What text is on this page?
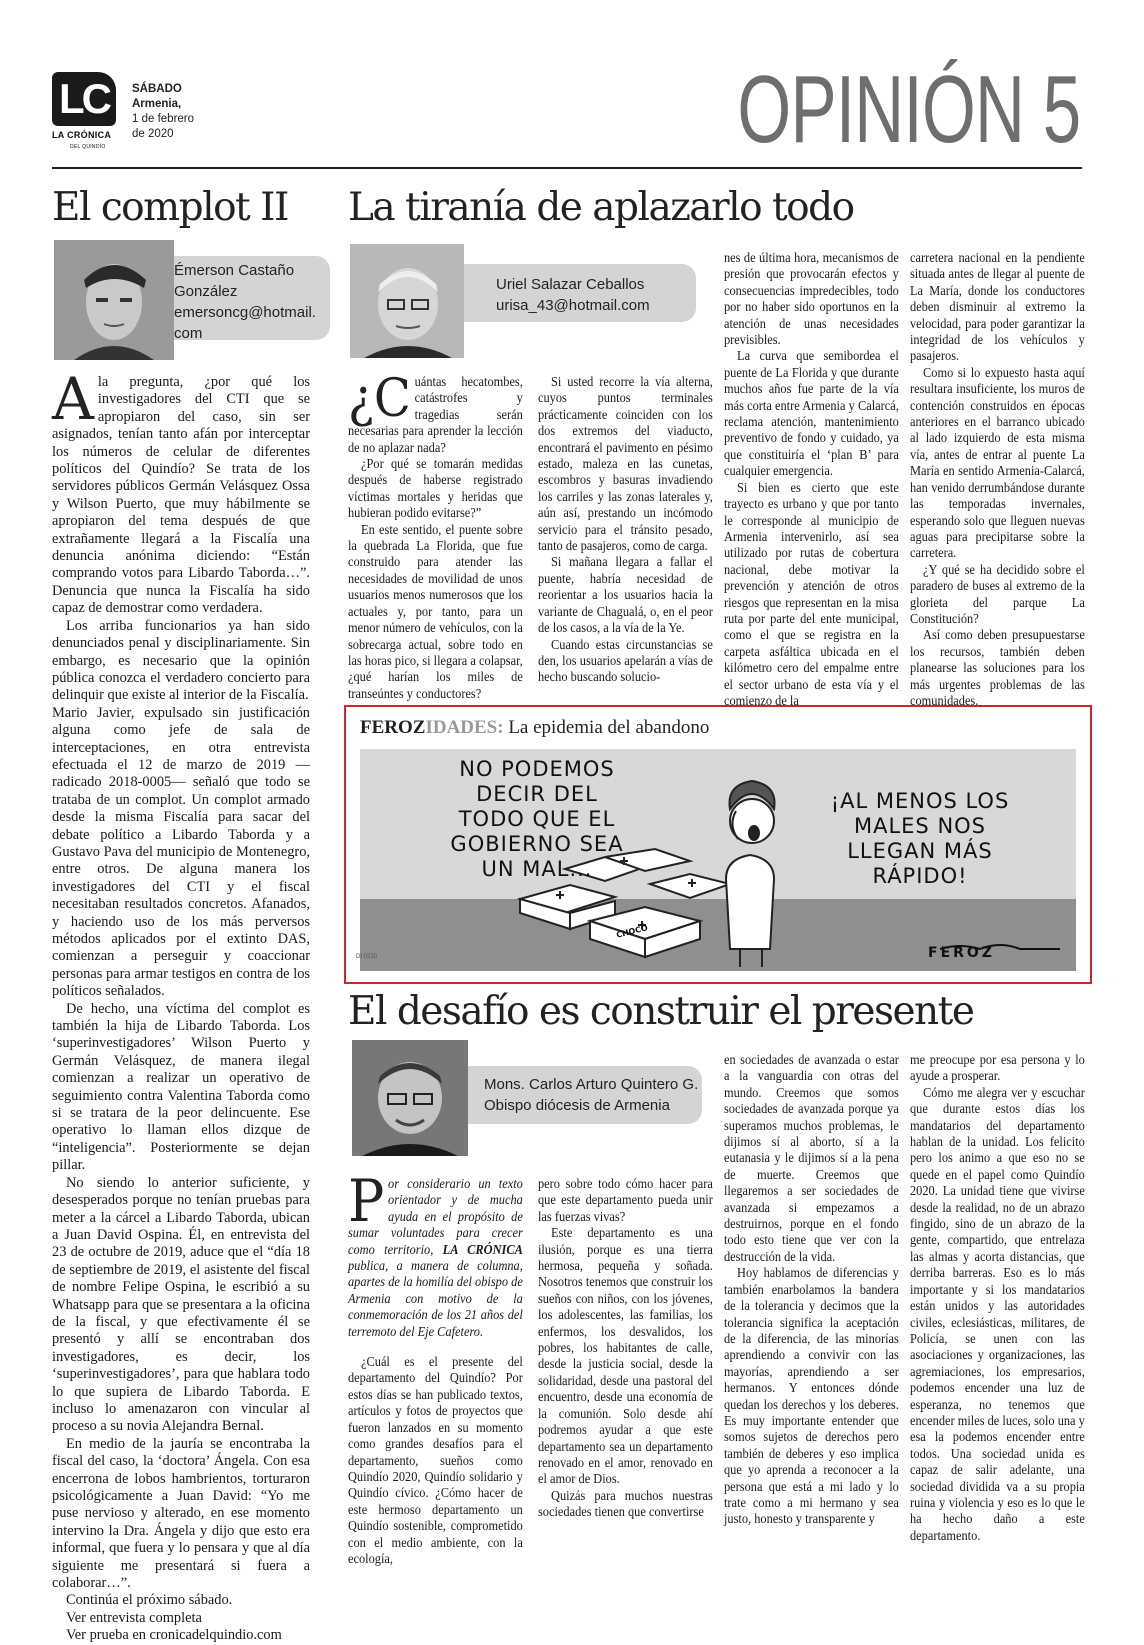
LC
LA CRÓNICA
DEL QUINDÍO
SÁBADO
Armenia,
1 de febrero
de 2020	OPINIÓN 5
El complot II
Émerson Castaño
González
emersoncg@hotmail.
com

Ala pregunta, ¿por qué los investigadores del CTI que se apropiaron del caso, sin ser asignados, tenían tanto afán por interceptar los números de celular de diferentes políticos del Quindío? Se trata de los servidores públicos Germán Velásquez Ossa y Wilson Puerto, que muy hábilmente se apropiaron del tema después de que extrañamente llegará a la Fiscalía una denuncia anónima diciendo: “Están comprando votos para Libardo Taborda…”. Denuncia que nunca la Fiscalía ha sido capaz de demostrar como verdadera.

Los arriba funcionarios ya han sido denunciados penal y disciplinariamente. Sin embargo, es necesario que la opinión pública conozca el verdadero concierto para delinquir que existe al interior de la Fiscalía.

Mario Javier, expulsado sin justificación alguna como jefe de sala de interceptaciones, en otra entrevista efectuada el 12 de marzo de 2019 —radicado 2018-0005— señaló que todo se trataba de un complot. Un complot armado desde la misma Fiscalía para sacar del debate político a Libardo Taborda y a Gustavo Pava del municipio de Montenegro, entre otros. De alguna manera los investigadores del CTI y el fiscal necesitaban resultados concretos. Afanados, y haciendo uso de los más perversos métodos aplicados por el extinto DAS, comienzan a perseguir y coaccionar personas para armar testigos en contra de los políticos señalados.

De hecho, una víctima del complot es también la hija de Libardo Taborda. Los ‘superinvestigadores’ Wilson Puerto y Germán Velásquez, de manera ilegal comienzan a realizar un operativo de seguimiento contra Valentina Taborda como si se tratara de la peor delincuente. Ese operativo lo llaman ellos dizque de “inteligencia”. Posteriormente se dejan pillar.

No siendo lo anterior suficiente, y desesperados porque no tenían pruebas para meter a la cárcel a Libardo Taborda, ubican a Juan David Ospina. Él, en entrevista del 23 de octubre de 2019, aduce que el “día 18 de septiembre de 2019, el asistente del fiscal de nombre Felipe Ospina, le escribió a su Whatsapp para que se presentara a la oficina de la fiscal, y que efectivamente él se presentó y allí se encontraban dos investigadores, es decir, los ‘superinvestigadores’, para que hablara todo lo que supiera de Libardo Taborda. E incluso lo amenazaron con vincular al proceso a su novia Alejandra Bernal.

En medio de la jauría se encontraba la fiscal del caso, la ‘doctora’ Ángela. Con esa encerrona de lobos hambrientos, torturaron psicológicamente a Juan David: “Yo me puse nervioso y alterado, en ese momento intervino la Dra. Ángela y dijo que esto era informal, que fuera y lo pensara y que al día siguiente me presentará si fuera a colaborar…”.

Continúa el próximo sábado.

Ver entrevista completa

Ver prueba en cronicadelquindio.com

La tiranía de aplazarlo todo
Uriel Salazar Ceballos
urisa_43@hotmail.com

¿C uántas hecatombes, catástrofes y tragedias serán necesarias para aprender la lección de no aplazar nada?

¿Por qué se tomarán medidas después de haberse registrado víctimas mortales y heridas que hubieran podido evitarse?”

En este sentido, el puente sobre la quebrada La Florida, que fue construido para atender las necesidades de movilidad de unos usuarios menos numerosos que los actuales y, por tanto, para un menor número de vehículos, con la sobrecarga actual, sobre todo en las horas pico, si llegara a colapsar, ¿qué harían los miles de transeúntes y conductores?

Si usted recorre la vía alterna, cuyos puntos terminales prácticamente coinciden con los dos extremos del viaducto, encontrará el pavimento en pésimo estado, maleza en las cunetas, escombros y basuras invadiendo los carriles y las zonas laterales y, aún así, prestando un incómodo servicio para el tránsito pesado, tanto de pasajeros, como de carga.

Si mañana llegara a fallar el puente, habría necesidad de reorientar a los usuarios hacia la variante de Chagualá, o, en el peor de los casos, a la vía de la Ye.

Cuando estas circunstancias se den, los usuarios apelarán a vías de hecho buscando solucio-

nes de última hora, mecanismos de presión que provocarán efectos y consecuencias impredecibles, todo por no haber sido oportunos en la atención de unas necesidades previsibles.

La curva que semibordea el puente de La Florida y que durante muchos años fue parte de la vía más corta entre Armenia y Calarcá, reclama atención, mantenimiento preventivo de fondo y cuidado, ya que constituiría el ‘plan B’ para cualquier emergencia.

Si bien es cierto que este trayecto es urbano y que por tanto le corresponde al municipio de Armenia intervenirlo, así sea utilizado por rutas de cobertura nacional, debe motivar la prevención y atención de otros riesgos que representan en la misa ruta por parte del ente municipal, como el que se registra en la carpeta asfáltica ubicada en el kilómetro cero del empalme entre el sector urbano de esta vía y el comienzo de la

carretera nacional en la pendiente situada antes de llegar al puente de La María, donde los conductores deben disminuir al extremo la velocidad, para poder garantizar la integridad de los vehículos y pasajeros.

Como si lo expuesto hasta aquí resultara insuficiente, los muros de contención construidos en épocas anteriores en el barranco ubicado al lado izquierdo de esta misma vía, antes de entrar al puente La María en sentido Armenia-Calarcá, han venido derrumbándose durante las temporadas invernales, esperando solo que lleguen nuevas aguas para precipitarse sobre la carretera.

¿Y qué se ha decidido sobre el paradero de buses al extremo de la glorieta del parque La Constitución?

Así como deben presupuestarse los recursos, también deben planearse las soluciones para los más urgentes problemas de las comunidades.

FEROZIDADES: La epidemia del abandono
NO PODEMOS DECIR DEL TODO QUE EL GOBIERNO SEA UN MAL...
¡AL MENOS LOS MALES NOS LLEGAN MÁS RÁPIDO!
CHOCÓ
FEROZ
DI 0220
El desafío es construir el presente
Mons. Carlos Arturo Quintero G.
Obispo diócesis de Armenia

Por considerario un texto orientador y de mucha ayuda en el propósito de sumar voluntades para crecer como territorio, LA CRÓNICA publica, a manera de columna, apartes de la homilía del obispo de Armenia con motivo de la conmemoración de los 21 años del terremoto del Eje Cafetero.

¿Cuál es el presente del departamento del Quindío? Por estos días se han publicado textos, artículos y fotos de proyectos que fueron lanzados en su momento como grandes desafíos para el departamento, sueños como Quindío 2020, Quindío solidario y Quindío cívico. ¿Cómo hacer de este hermoso departamento un Quindío sostenible, comprometido con el medio ambiente, con la ecología,

pero sobre todo cómo hacer para que este departamento pueda unir las fuerzas vivas?

Este departamento es una ilusión, porque es una tierra hermosa, pequeña y soñada. Nosotros tenemos que construir los sueños con niños, con los jóvenes, los adolescentes, las familias, los enfermos, los desvalidos, los pobres, los habitantes de calle, desde la justicia social, desde la solidaridad, desde una pastoral del encuentro, desde una economía de la comunión. Solo desde ahí podremos ayudar a que este departamento sea un departamento renovado en el amor, renovado en el amor de Dios.

Quizás para muchos nuestras sociedades tienen que convertirse

en sociedades de avanzada o estar a la vanguardia con otras del mundo. Creemos que somos sociedades de avanzada porque ya superamos muchos problemas, le dijimos sí al aborto, sí a la eutanasia y le dijimos sí a la pena de muerte. Creemos que llegaremos a ser sociedades de avanzada si empezamos a destruirnos, porque en el fondo todo esto tiene que ver con la destrucción de la vida.

Hoy hablamos de diferencias y también enarbolamos la bandera de la tolerancia y decimos que la tolerancia significa la aceptación de la diferencia, de las minorías aprendiendo a convivir con las mayorías, aprendiendo a ser hermanos. Y entonces dónde quedan los derechos y los deberes. Es muy importante entender que somos sujetos de derechos pero también de deberes y eso implica que yo aprenda a reconocer a la persona que está a mi lado y lo trate como a mi hermano y sea justo, honesto y transparente y

me preocupe por esa persona y lo ayude a prosperar.

Cómo me alegra ver y escuchar que durante estos días los mandatarios del departamento hablan de la unidad. Los felicito pero los animo a que eso no se quede en el papel como Quindío 2020. La unidad tiene que vivirse desde la realidad, no de un abrazo fingido, sino de un abrazo de la gente, compartido, que entrelaza las almas y acorta distancias, que derriba barreras. Eso es lo más importante y si los mandatarios están unidos y las autoridades civiles, eclesiásticas, militares, de Policía, se unen con las asociaciones y organizaciones, las agremiaciones, los empresarios, podemos encender una luz de esperanza, no tenemos que encender miles de luces, solo una y esa la podemos encender entre todos. Una sociedad unida es capaz de salir adelante, una sociedad dividida va a su propia ruina y violencia y eso es lo que le ha hecho daño a este departamento.
